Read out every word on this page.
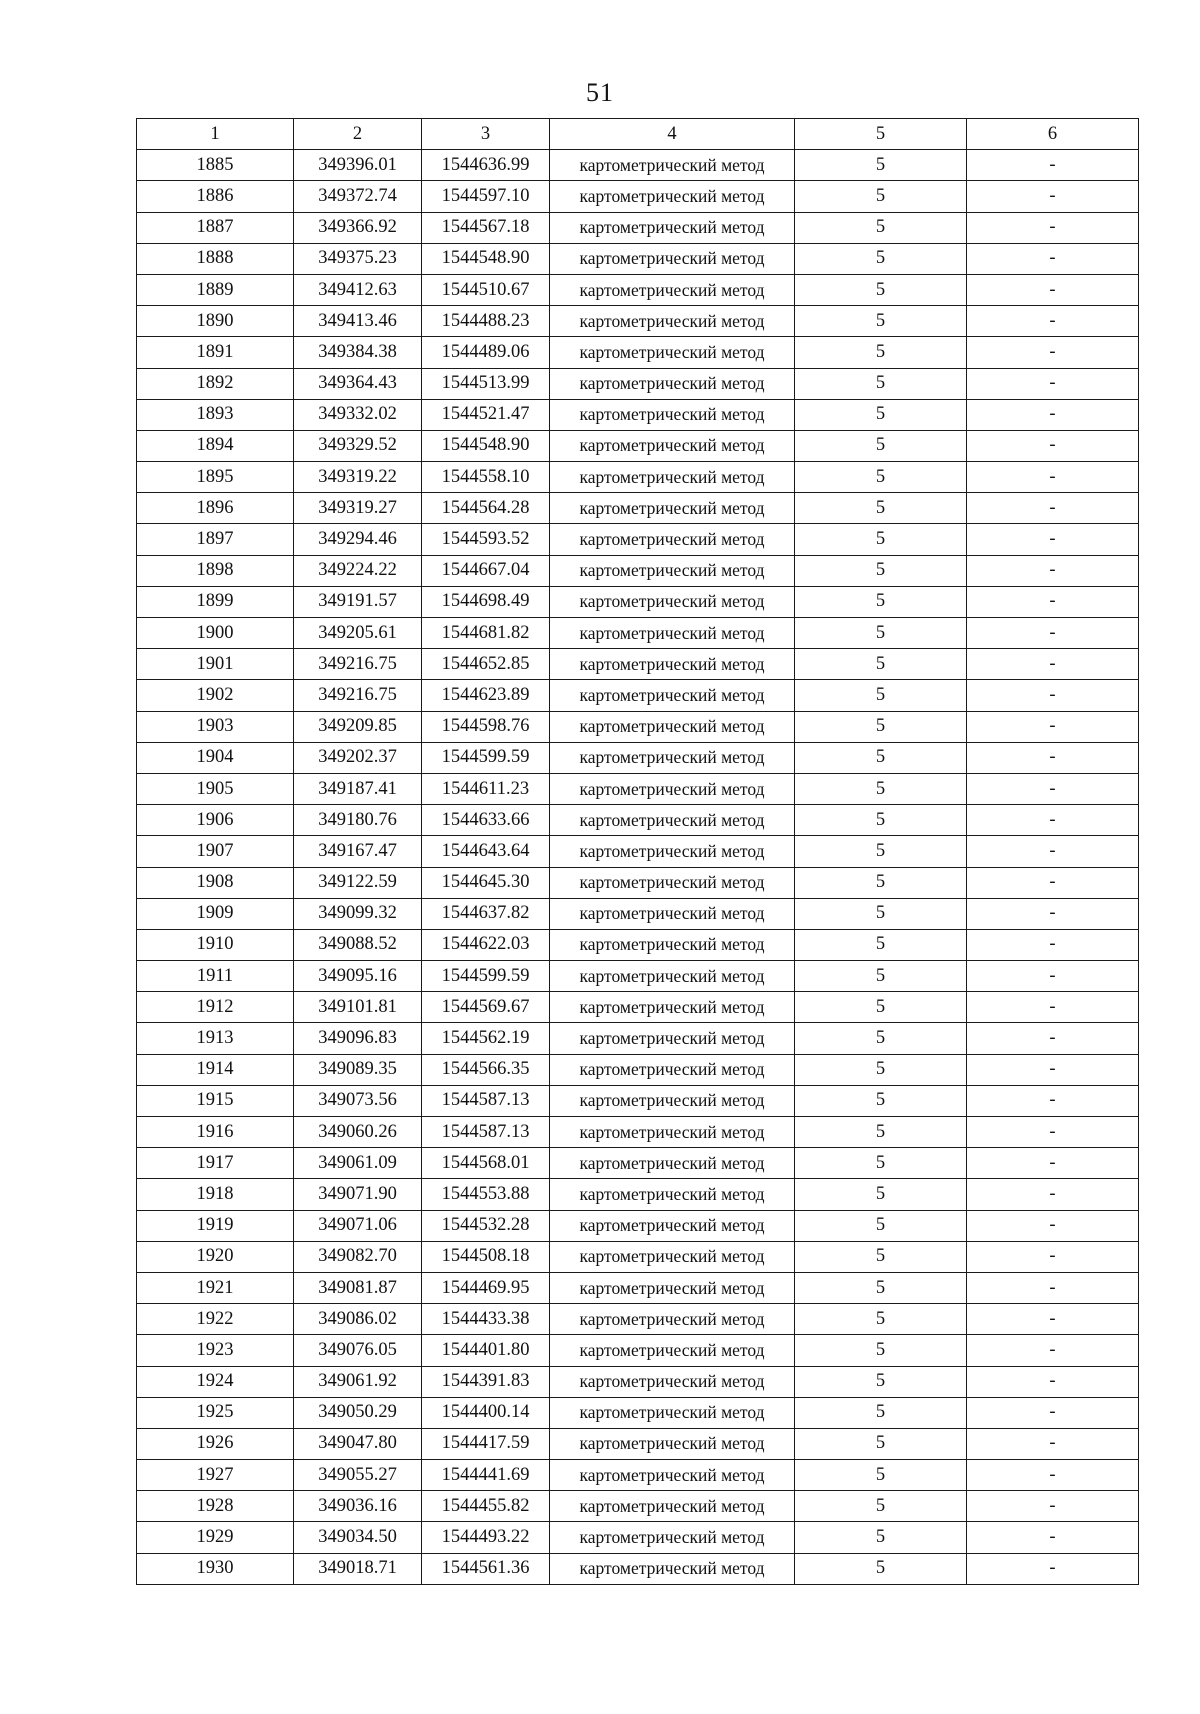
51
1	2	3	4	5	6
1885	349396.01	1544636.99	картометрический метод	5	-
1886	349372.74	1544597.10	картометрический метод	5	-
1887	349366.92	1544567.18	картометрический метод	5	-
1888	349375.23	1544548.90	картометрический метод	5	-
1889	349412.63	1544510.67	картометрический метод	5	-
1890	349413.46	1544488.23	картометрический метод	5	-
1891	349384.38	1544489.06	картометрический метод	5	-
1892	349364.43	1544513.99	картометрический метод	5	-
1893	349332.02	1544521.47	картометрический метод	5	-
1894	349329.52	1544548.90	картометрический метод	5	-
1895	349319.22	1544558.10	картометрический метод	5	-
1896	349319.27	1544564.28	картометрический метод	5	-
1897	349294.46	1544593.52	картометрический метод	5	-
1898	349224.22	1544667.04	картометрический метод	5	-
1899	349191.57	1544698.49	картометрический метод	5	-
1900	349205.61	1544681.82	картометрический метод	5	-
1901	349216.75	1544652.85	картометрический метод	5	-
1902	349216.75	1544623.89	картометрический метод	5	-
1903	349209.85	1544598.76	картометрический метод	5	-
1904	349202.37	1544599.59	картометрический метод	5	-
1905	349187.41	1544611.23	картометрический метод	5	-
1906	349180.76	1544633.66	картометрический метод	5	-
1907	349167.47	1544643.64	картометрический метод	5	-
1908	349122.59	1544645.30	картометрический метод	5	-
1909	349099.32	1544637.82	картометрический метод	5	-
1910	349088.52	1544622.03	картометрический метод	5	-
1911	349095.16	1544599.59	картометрический метод	5	-
1912	349101.81	1544569.67	картометрический метод	5	-
1913	349096.83	1544562.19	картометрический метод	5	-
1914	349089.35	1544566.35	картометрический метод	5	-
1915	349073.56	1544587.13	картометрический метод	5	-
1916	349060.26	1544587.13	картометрический метод	5	-
1917	349061.09	1544568.01	картометрический метод	5	-
1918	349071.90	1544553.88	картометрический метод	5	-
1919	349071.06	1544532.28	картометрический метод	5	-
1920	349082.70	1544508.18	картометрический метод	5	-
1921	349081.87	1544469.95	картометрический метод	5	-
1922	349086.02	1544433.38	картометрический метод	5	-
1923	349076.05	1544401.80	картометрический метод	5	-
1924	349061.92	1544391.83	картометрический метод	5	-
1925	349050.29	1544400.14	картометрический метод	5	-
1926	349047.80	1544417.59	картометрический метод	5	-
1927	349055.27	1544441.69	картометрический метод	5	-
1928	349036.16	1544455.82	картометрический метод	5	-
1929	349034.50	1544493.22	картометрический метод	5	-
1930	349018.71	1544561.36	картометрический метод	5	-
